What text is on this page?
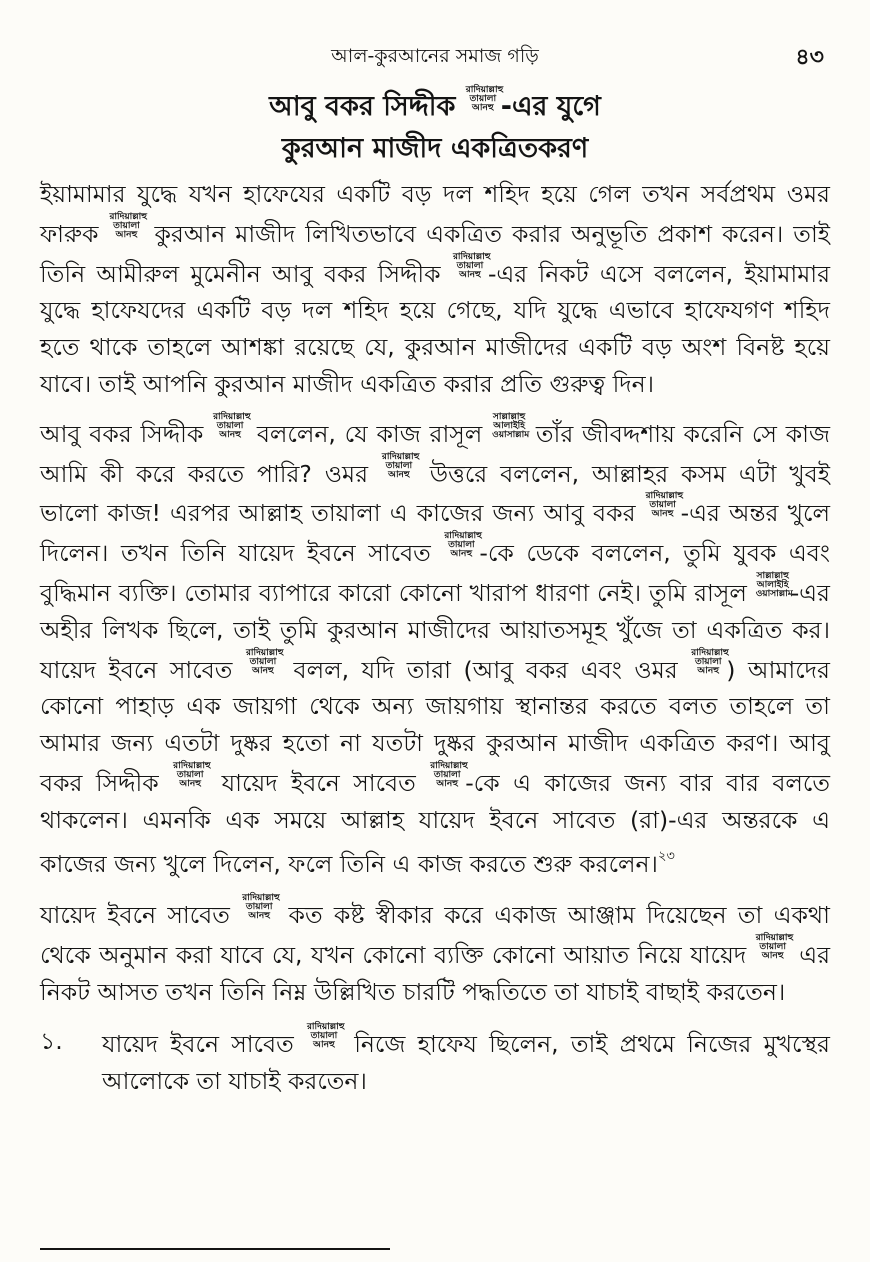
আল-কুরআনের সমাজ গড়ি	৪৩
আবু বকর সিদ্দীক রাদিয়াল্লাহু তায়ালা আনহু -এর যুগে
কুরআন মাজীদ একত্রিতকরণ

ইয়ামামার যুদ্ধে যখন হাফেযের একটি বড় দল শহিদ হয়ে গেল তখন সর্বপ্রথম ওমর ফারুক রাদিয়াল্লাহু তায়ালা আনহু কুরআন মাজীদ লিখিতভাবে একত্রিত করার অনুভূতি প্রকাশ করেন। তাই তিনি আমীরুল মুমেনীন আবু বকর সিদ্দীক রাদিয়াল্লাহু তায়ালা আনহু -এর নিকট এসে বললেন, ইয়ামামার যুদ্ধে হাফেযদের একটি বড় দল শহিদ হয়ে গেছে, যদি যুদ্ধে এভাবে হাফেযগণ শহিদ হতে থাকে তাহলে আশঙ্কা রয়েছে যে, কুরআন মাজীদের একটি বড় অংশ বিনষ্ট হয়ে যাবে। তাই আপনি কুরআন মাজীদ একত্রিত করার প্রতি গুরুত্ব দিন।

আবু বকর সিদ্দীক রাদিয়াল্লাহু তায়ালা আনহু বললেন, যে কাজ রাসূল সাল্লাল্লাহু আলাইহি ওয়াসাল্লাম তাঁর জীবদ্দশায় করেনি সে কাজ আমি কী করে করতে পারি? ওমর রাদিয়াল্লাহু তায়ালা আনহু উত্তরে বললেন, আল্লাহর কসম এটা খুবই ভালো কাজ! এরপর আল্লাহ তায়ালা এ কাজের জন্য আবু বকর রাদিয়াল্লাহু তায়ালা আনহু -এর অন্তর খুলে দিলেন। তখন তিনি যায়েদ ইবনে সাবেত রাদিয়াল্লাহু তায়ালা আনহু -কে ডেকে বললেন, তুমি যুবক এবং বুদ্ধিমান ব্যক্তি। তোমার ব্যাপারে কারো কোনো খারাপ ধারণা নেই। তুমি রাসূল সাল্লাল্লাহু আলাইহি ওয়াসাল্লাম-এর অহীর লিখক ছিলে, তাই তুমি কুরআন মাজীদের আয়াতসমূহ খুঁজে তা একত্রিত কর। যায়েদ ইবনে সাবেত রাদিয়াল্লাহু তায়ালা আনহু বলল, যদি তারা (আবু বকর এবং ওমর রাদিয়াল্লাহু তায়ালা আনহু ) আমাদের কোনো পাহাড় এক জায়গা থেকে অন্য জায়গায় স্থানান্তর করতে বলত তাহলে তা আমার জন্য এতটা দুষ্কর হতো না যতটা দুষ্কর কুরআন মাজীদ একত্রিত করণ। আবু বকর সিদ্দীক রাদিয়াল্লাহু তায়ালা আনহু যায়েদ ইবনে সাবেত রাদিয়াল্লাহু তায়ালা আনহু -কে এ কাজের জন্য বার বার বলতে থাকলেন। এমনকি এক সময়ে আল্লাহ যায়েদ ইবনে সাবেত (রা)-এর অন্তরকে এ কাজের জন্য খুলে দিলেন, ফলে তিনি এ কাজ করতে শুরু করলেন।$^{২৩}$

যায়েদ ইবনে সাবেত রাদিয়াল্লাহু তায়ালা আনহু কত কষ্ট স্বীকার করে একাজ আঞ্জাম দিয়েছেন তা একথা থেকে অনুমান করা যাবে যে, যখন কোনো ব্যক্তি কোনো আয়াত নিয়ে যায়েদ রাদিয়াল্লাহু তায়ালা আনহু এর নিকট আসত তখন তিনি নিম্ন উল্লিখিত চারটি পদ্ধতিতে তা যাচাই বাছাই করতেন।

১.	যায়েদ ইবনে সাবেত রাদিয়াল্লাহু তায়ালা আনহু নিজে হাফেয ছিলেন, তাই প্রথমে নিজের মুখস্থের আলোকে তা যাচাই করতেন।
